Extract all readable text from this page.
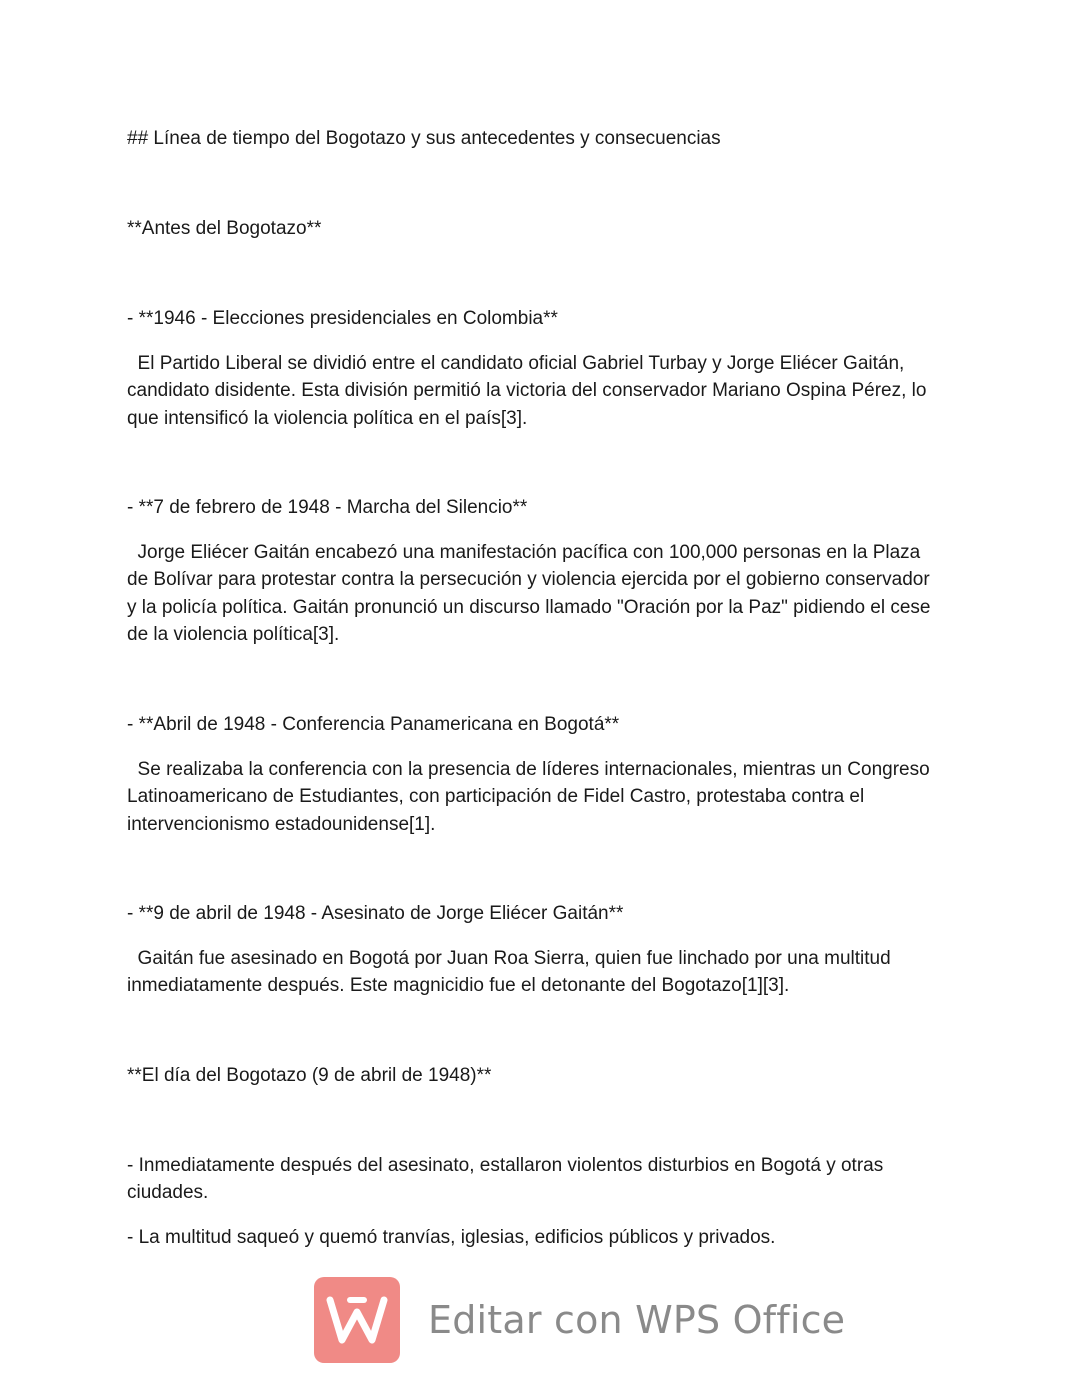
## Línea de tiempo del Bogotazo y sus antecedentes y consecuencias
**Antes del Bogotazo**
- **1946 - Elecciones presidenciales en Colombia**
El Partido Liberal se dividió entre el candidato oficial Gabriel Turbay y Jorge Eliécer Gaitán,
candidato disidente. Esta división permitió la victoria del conservador Mariano Ospina Pérez, lo
que intensificó la violencia política en el país[3].
- **7 de febrero de 1948 - Marcha del Silencio**
Jorge Eliécer Gaitán encabezó una manifestación pacífica con 100,000 personas en la Plaza
de Bolívar para protestar contra la persecución y violencia ejercida por el gobierno conservador
y la policía política. Gaitán pronunció un discurso llamado "Oración por la Paz" pidiendo el cese
de la violencia política[3].
- **Abril de 1948 - Conferencia Panamericana en Bogotá**
Se realizaba la conferencia con la presencia de líderes internacionales, mientras un Congreso
Latinoamericano de Estudiantes, con participación de Fidel Castro, protestaba contra el
intervencionismo estadounidense[1].
- **9 de abril de 1948 - Asesinato de Jorge Eliécer Gaitán**
Gaitán fue asesinado en Bogotá por Juan Roa Sierra, quien fue linchado por una multitud
inmediatamente después. Este magnicidio fue el detonante del Bogotazo[1][3].
**El día del Bogotazo (9 de abril de 1948)**
- Inmediatamente después del asesinato, estallaron violentos disturbios en Bogotá y otras
ciudades.
- La multitud saqueó y quemó tranvías, iglesias, edificios públicos y privados.
Editar con WPS Office
